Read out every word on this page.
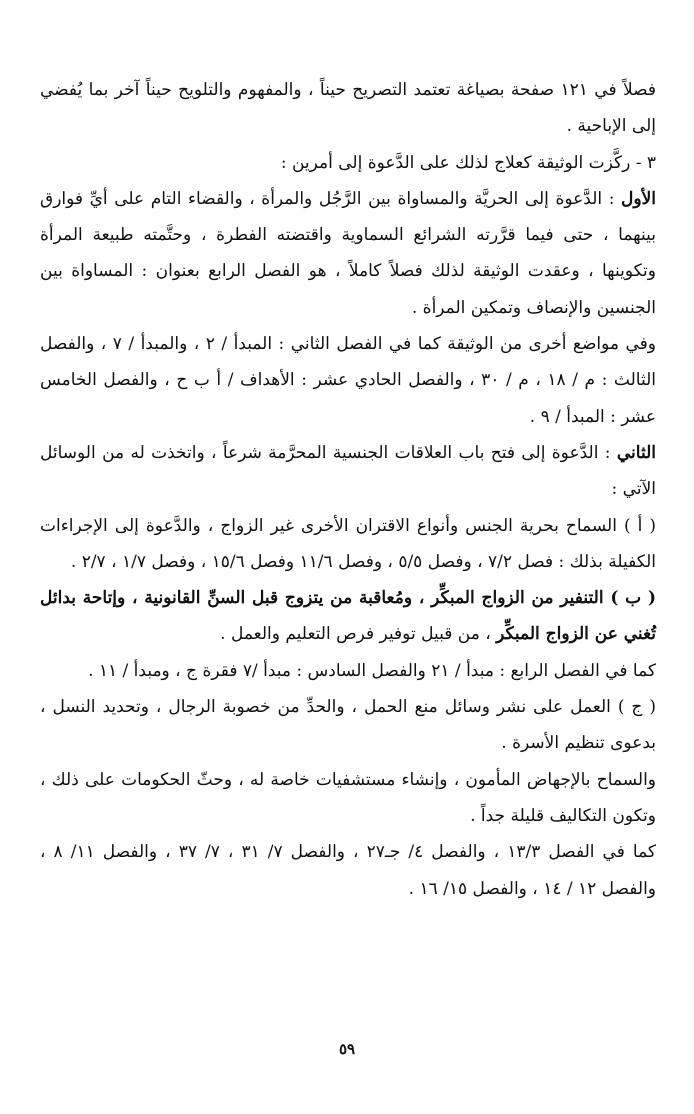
فصلاً في ١٢١ صفحة بصياغة تعتمد التصريح حيناً ، والمفهوم والتلويح حيناً آخر بما يُفضي إلى الإباحية .

٣ - ركَّزت الوثيقة كعلاج لذلك على الدَّعوة إلى أمرين :

الأول : الدَّعوة إلى الحريَّة والمساواة بين الرَّجُل والمرأة ، والقضاء التام على أيِّ فوارق بينهما ، حتى فيما قرَّرته الشرائع السماوية واقتضته الفطرة ، وحتَّمته طبيعة المرأة وتكوينها ، وعقدت الوثيقة لذلك فصلاً كاملاً ، هو الفصل الرابع بعنوان : المساواة بين الجنسين والإنصاف وتمكين المرأة .

وفي مواضع أخرى من الوثيقة كما في الفصل الثاني : المبدأ / ٢ ، والمبدأ / ٧ ، والفصل الثالث : م / ١٨ ، م / ٣٠ ، والفصل الحادي عشر : الأهداف / أ ب ح ، والفصل الخامس عشر : المبدأ / ٩ .

الثاني : الدَّعوة إلى فتح باب العلاقات الجنسية المحرَّمة شرعاً ، واتخذت له من الوسائل الآتي :

( أ ) السماح بحرية الجنس وأنواع الاقتران الأخرى غير الزواج ، والدَّعوة إلى الإجراءات الكفيلة بذلك : فصل ٧/٢ ، وفصل ٥/٥ ، وفصل ١١/٦ وفصل ١٥/٦ ، وفصل ١/٧ ، ٢/٧ .

( ب ) التنفير من الزواج المبكِّر ، ومُعاقبة من يتزوج قبل السنِّ القانونية ، وإتاحة بدائل تُغني عن الزواج المبكِّر ، من قبيل توفير فرص التعليم والعمل .

كما في الفصل الرابع : مبدأ / ٢١ والفصل السادس : مبدأ /٧ فقرة ج ، ومبدأ / ١١ .

( ج ) العمل على نشر وسائل منع الحمل ، والحدِّ من خصوبة الرجال ، وتحديد النسل ، بدعوى تنظيم الأسرة .

والسماح بالإجهاض المأمون ، وإنشاء مستشفيات خاصة له ، وحثّ الحكومات على ذلك ، وتكون التكاليف قليلة جداً .

كما في الفصل ١٣/٣ ، والفصل ٤/ جـ٢٧ ، والفصل ٧/ ٣١ ، ٧/ ٣٧ ، والفصل ١١/ ٨ ، والفصل ١٢ / ١٤ ، والفصل ١٥/ ١٦ .

٥٩
